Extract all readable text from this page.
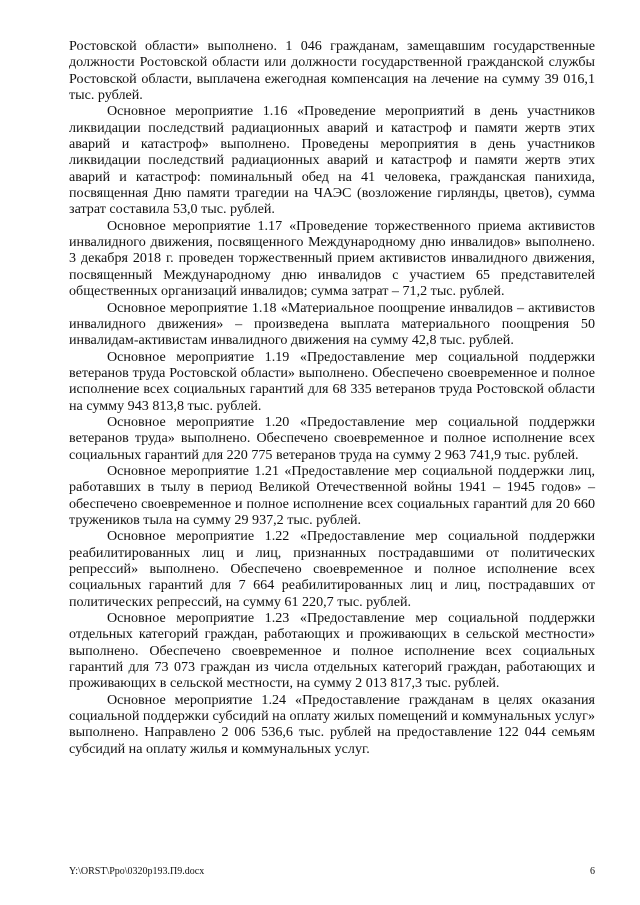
Ростовской области» выполнено. 1 046 гражданам, замещавшим государственные должности Ростовской области или должности государственной гражданской службы Ростовской области, выплачена ежегодная компенсация на лечение на сумму 39 016,1 тыс. рублей.

Основное мероприятие 1.16 «Проведение мероприятий в день участников ликвидации последствий радиационных аварий и катастроф и памяти жертв этих аварий и катастроф» выполнено. Проведены мероприятия в день участников ликвидации последствий радиационных аварий и катастроф и памяти жертв этих аварий и катастроф: поминальный обед на 41 человека, гражданская панихида, посвященная Дню памяти трагедии на ЧАЭС (возложение гирлянды, цветов), сумма затрат составила 53,0 тыс. рублей.

Основное мероприятие 1.17 «Проведение торжественного приема активистов инвалидного движения, посвященного Международному дню инвалидов» выполнено. 3 декабря 2018 г. проведен торжественный прием активистов инвалидного движения, посвященный Международному дню инвалидов с участием 65 представителей общественных организаций инвалидов; сумма затрат – 71,2 тыс. рублей.

Основное мероприятие 1.18 «Материальное поощрение инвалидов – активистов инвалидного движения» – произведена выплата материального поощрения 50 инвалидам-активистам инвалидного движения на сумму 42,8 тыс. рублей.

Основное мероприятие 1.19 «Предоставление мер социальной поддержки ветеранов труда Ростовской области» выполнено. Обеспечено своевременное и полное исполнение всех социальных гарантий для 68 335 ветеранов труда Ростовской области на сумму 943 813,8 тыс. рублей.

Основное мероприятие 1.20 «Предоставление мер социальной поддержки ветеранов труда» выполнено. Обеспечено своевременное и полное исполнение всех социальных гарантий для 220 775 ветеранов труда на сумму 2 963 741,9 тыс. рублей.

Основное мероприятие 1.21 «Предоставление мер социальной поддержки лиц, работавших в тылу в период Великой Отечественной войны 1941 – 1945 годов» – обеспечено своевременное и полное исполнение всех социальных гарантий для 20 660 тружеников тыла на сумму 29 937,2 тыс. рублей.

Основное мероприятие 1.22 «Предоставление мер социальной поддержки реабилитированных лиц и лиц, признанных пострадавшими от политических репрессий» выполнено. Обеспечено своевременное и полное исполнение всех социальных гарантий для 7 664 реабилитированных лиц и лиц, пострадавших от политических репрессий, на сумму 61 220,7 тыс. рублей.

Основное мероприятие 1.23 «Предоставление мер социальной поддержки отдельных категорий граждан, работающих и проживающих в сельской местности» выполнено. Обеспечено своевременное и полное исполнение всех социальных гарантий для 73 073 граждан из числа отдельных категорий граждан, работающих и проживающих в сельской местности, на сумму 2 013 817,3 тыс. рублей.

Основное мероприятие 1.24 «Предоставление гражданам в целях оказания социальной поддержки субсидий на оплату жилых помещений и коммунальных услуг» выполнено. Направлено 2 006 536,6 тыс. рублей на предоставление 122 044 семьям субсидий на оплату жилья и коммунальных услуг.

Y:\ORST\Ppo\0320p193.П9.docx	6
